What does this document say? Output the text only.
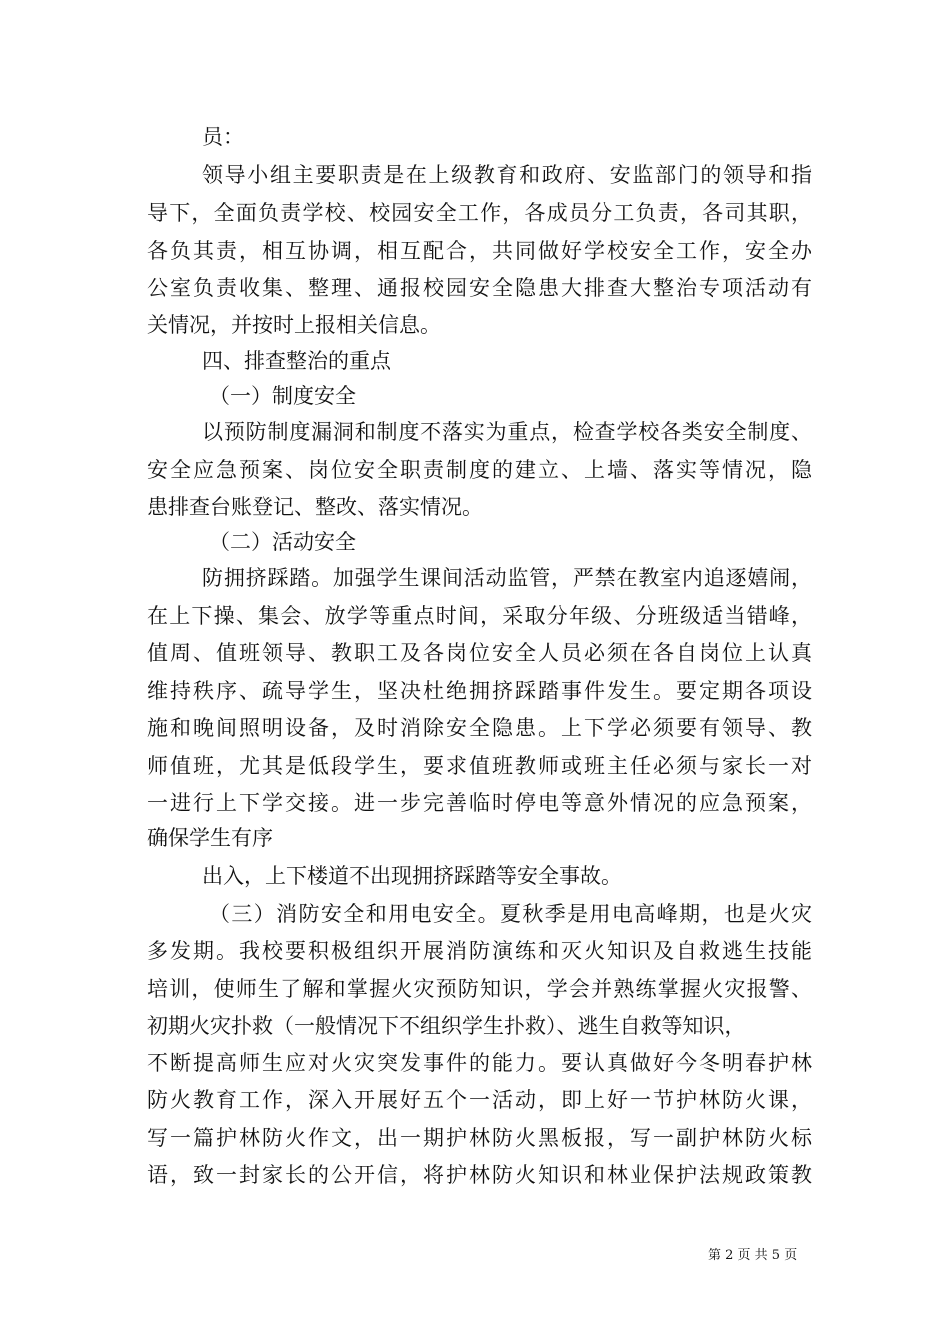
员：
领导小组主要职责是在上级教育和政府、安监部门的领导和指
导下，全面负责学校、校园安全工作，各成员分工负责，各司其职，
各负其责，相互协调，相互配合，共同做好学校安全工作，安全办
公室负责收集、整理、通报校园安全隐患大排查大整治专项活动有
关情况，并按时上报相关信息。
四、排查整治的重点
（一）制度安全
以预防制度漏洞和制度不落实为重点，检查学校各类安全制度、
安全应急预案、岗位安全职责制度的建立、上墙、落实等情况，隐
患排查台账登记、整改、落实情况。
（二）活动安全
防拥挤踩踏。加强学生课间活动监管，严禁在教室内追逐嬉闹，
在上下操、集会、放学等重点时间，采取分年级、分班级适当错峰，
值周、值班领导、教职工及各岗位安全人员必须在各自岗位上认真
维持秩序、疏导学生，坚决杜绝拥挤踩踏事件发生。要定期各项设
施和晚间照明设备，及时消除安全隐患。上下学必须要有领导、教
师值班，尤其是低段学生，要求值班教师或班主任必须与家长一对
一进行上下学交接。进一步完善临时停电等意外情况的应急预案，
确保学生有序
出入，上下楼道不出现拥挤踩踏等安全事故。
（三）消防安全和用电安全。夏秋季是用电高峰期，也是火灾
多发期。我校要积极组织开展消防演练和灭火知识及自救逃生技能
培训，使师生了解和掌握火灾预防知识，学会并熟练掌握火灾报警、
初期火灾扑救（一般情况下不组织学生扑救）、逃生自救等知识，
不断提高师生应对火灾突发事件的能力。要认真做好今冬明春护林
防火教育工作，深入开展好五个一活动，即上好一节护林防火课，
写一篇护林防火作文，出一期护林防火黑板报，写一副护林防火标
语，致一封家长的公开信，将护林防火知识和林业保护法规政策教
第 2 页 共 5 页
